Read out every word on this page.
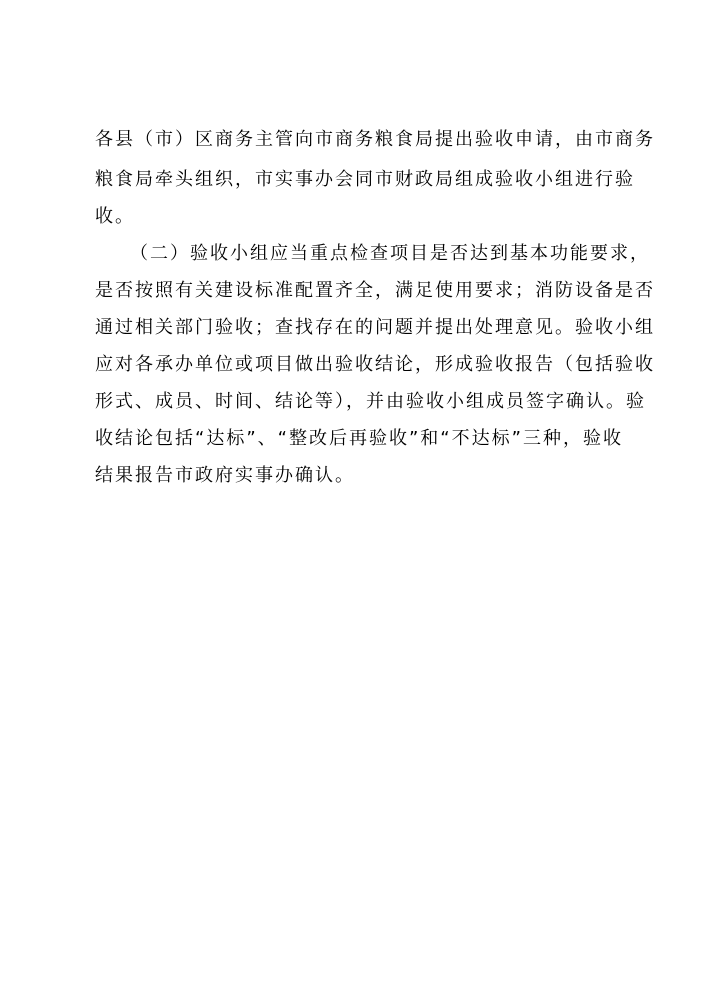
各县（市）区商务主管向市商务粮食局提出验收申请，由市商务
粮食局牵头组织，市实事办会同市财政局组成验收小组进行验
收。
（二）验收小组应当重点检查项目是否达到基本功能要求，
是否按照有关建设标准配置齐全，满足使用要求；消防设备是否
通过相关部门验收；查找存在的问题并提出处理意见。验收小组
应对各承办单位或项目做出验收结论，形成验收报告（包括验收
形式、成员、时间、结论等），并由验收小组成员签字确认。验
收结论包括“达标”、“整改后再验收”和“不达标”三种，验收
结果报告市政府实事办确认。
